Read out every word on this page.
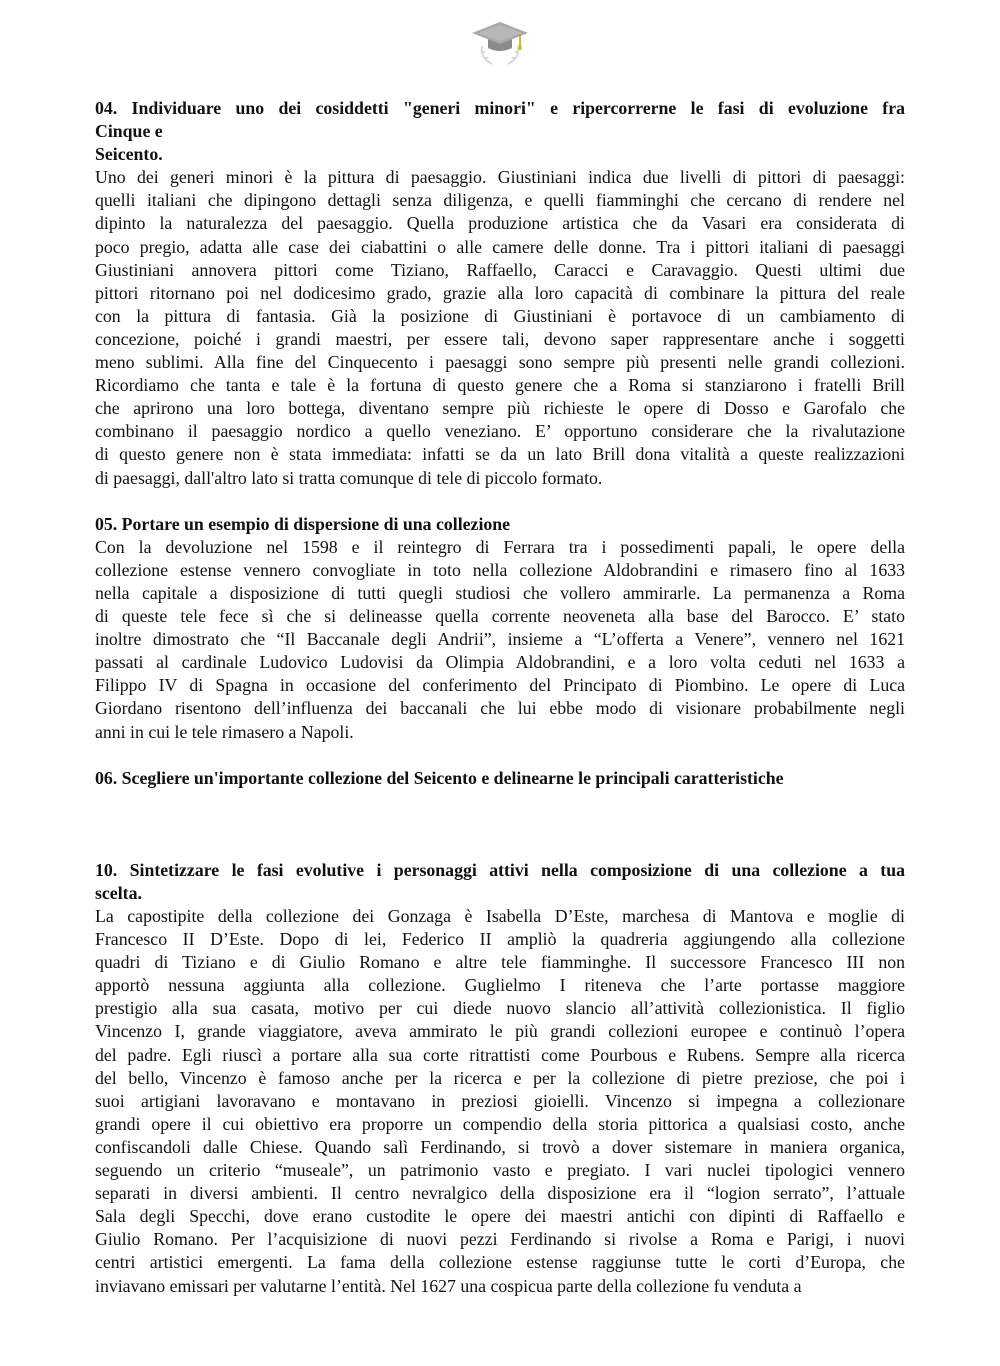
04. Individuare uno dei cosiddetti "generi minori" e ripercorrerne le fasi di evoluzione fra
Cinque e
Seicento.
Uno dei generi minori è la pittura di paesaggio. Giustiniani indica due livelli di pittori di paesaggi:
quelli italiani che dipingono dettagli senza diligenza, e quelli fiamminghi che cercano di rendere nel
dipinto la naturalezza del paesaggio. Quella produzione artistica che da Vasari era considerata di
poco pregio, adatta alle case dei ciabattini o alle camere delle donne. Tra i pittori italiani di paesaggi
Giustiniani annovera pittori come Tiziano, Raffaello, Caracci e Caravaggio. Questi ultimi due
pittori ritornano poi nel dodicesimo grado, grazie alla loro capacità di combinare la pittura del reale
con la pittura di fantasia. Già la posizione di Giustiniani è portavoce di un cambiamento di
concezione, poiché i grandi maestri, per essere tali, devono saper rappresentare anche i soggetti
meno sublimi. Alla fine del Cinquecento i paesaggi sono sempre più presenti nelle grandi collezioni.
Ricordiamo che tanta e tale è la fortuna di questo genere che a Roma si stanziarono i fratelli Brill
che aprirono una loro bottega, diventano sempre più richieste le opere di Dosso e Garofalo che
combinano il paesaggio nordico a quello veneziano. E’ opportuno considerare che la rivalutazione
di questo genere non è stata immediata: infatti se da un lato Brill dona vitalità a queste realizzazioni
di paesaggi, dall'altro lato si tratta comunque di tele di piccolo formato.
05. Portare un esempio di dispersione di una collezione
Con la devoluzione nel 1598 e il reintegro di Ferrara tra i possedimenti papali, le opere della
collezione estense vennero convogliate in toto nella collezione Aldobrandini e rimasero fino al 1633
nella capitale a disposizione di tutti quegli studiosi che vollero ammirarle. La permanenza a Roma
di queste tele fece sì che si delineasse quella corrente neoveneta alla base del Barocco. E’ stato
inoltre dimostrato che “Il Baccanale degli Andrii”, insieme a “L’offerta a Venere”, vennero nel 1621
passati al cardinale Ludovico Ludovisi da Olimpia Aldobrandini, e a loro volta ceduti nel 1633 a
Filippo IV di Spagna in occasione del conferimento del Principato di Piombino. Le opere di Luca
Giordano risentono dell’influenza dei baccanali che lui ebbe modo di visionare probabilmente negli
anni in cui le tele rimasero a Napoli.
06. Scegliere un'importante collezione del Seicento e delinearne le principali caratteristiche
10. Sintetizzare le fasi evolutive i personaggi attivi nella composizione di una collezione a tua
scelta.
La capostipite della collezione dei Gonzaga è Isabella D’Este, marchesa di Mantova e moglie di
Francesco II D’Este. Dopo di lei, Federico II ampliò la quadreria aggiungendo alla collezione
quadri di Tiziano e di Giulio Romano e altre tele fiamminghe. Il successore Francesco III non
apportò nessuna aggiunta alla collezione. Guglielmo I riteneva che l’arte portasse maggiore
prestigio alla sua casata, motivo per cui diede nuovo slancio all’attività collezionistica. Il figlio
Vincenzo I, grande viaggiatore, aveva ammirato le più grandi collezioni europee e continuò l’opera
del padre. Egli riuscì a portare alla sua corte ritrattisti come Pourbous e Rubens. Sempre alla ricerca
del bello, Vincenzo è famoso anche per la ricerca e per la collezione di pietre preziose, che poi i
suoi artigiani lavoravano e montavano in preziosi gioielli. Vincenzo si impegna a collezionare
grandi opere il cui obiettivo era proporre un compendio della storia pittorica a qualsiasi costo, anche
confiscandoli dalle Chiese. Quando salì Ferdinando, si trovò a dover sistemare in maniera organica,
seguendo un criterio “museale”, un patrimonio vasto e pregiato. I vari nuclei tipologici vennero
separati in diversi ambienti. Il centro nevralgico della disposizione era il “logion serrato”, l’attuale
Sala degli Specchi, dove erano custodite le opere dei maestri antichi con dipinti di Raffaello e
Giulio Romano. Per l’acquisizione di nuovi pezzi Ferdinando si rivolse a Roma e Parigi, i nuovi
centri artistici emergenti. La fama della collezione estense raggiunse tutte le corti d’Europa, che
inviavano emissari per valutarne l’entità. Nel 1627 una cospicua parte della collezione fu venduta a
